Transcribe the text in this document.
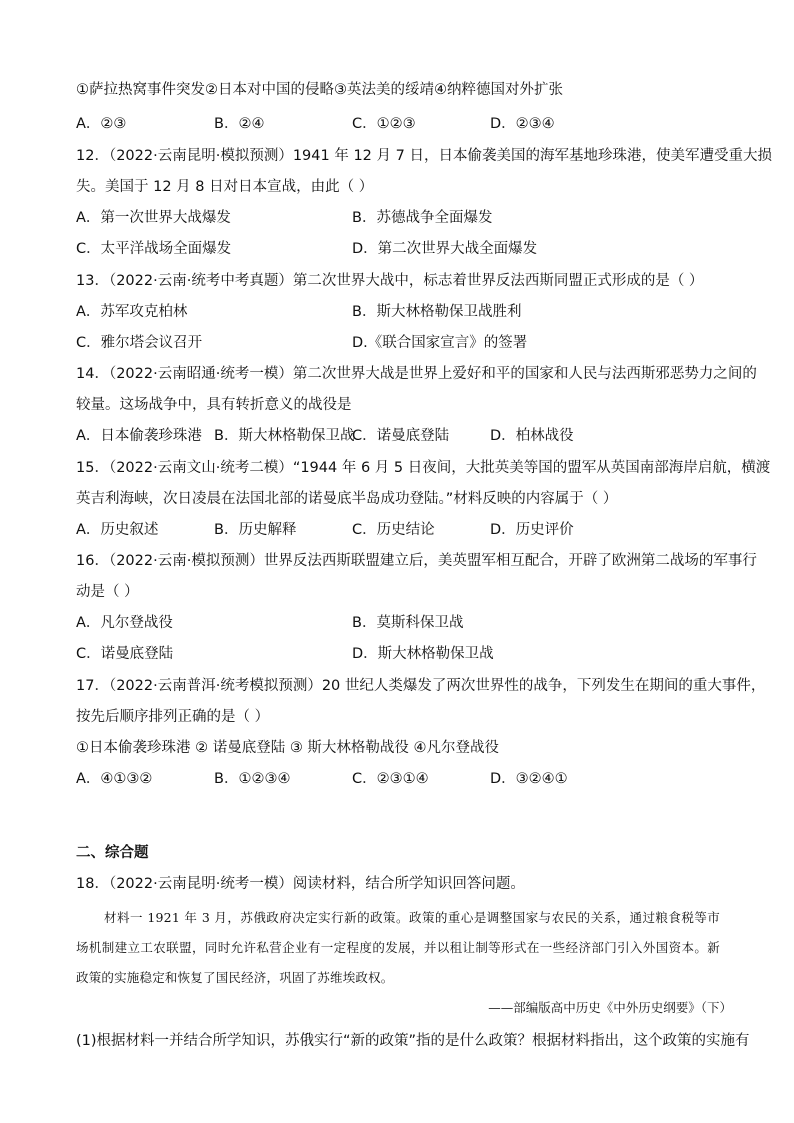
①萨拉热窝事件突发②日本对中国的侵略③英法美的绥靖④纳粹德国对外扩张
A．②③	B．②④	C．①②③	D．②③④
12．（2022·云南昆明·模拟预测）1941 年 12 月 7 日，日本偷袭美国的海军基地珍珠港，使美军遭受重大损
失。美国于 12 月 8 日对日本宣战，由此（ ）
A．第一次世界大战爆发	B．苏德战争全面爆发
C．太平洋战场全面爆发	D．第二次世界大战全面爆发
13．（2022·云南·统考中考真题）第二次世界大战中，标志着世界反法西斯同盟正式形成的是（ ）
A．苏军攻克柏林	B．斯大林格勒保卫战胜利
C．雅尔塔会议召开	D.《联合国家宣言》的签署
14．（2022·云南昭通·统考一模）第二次世界大战是世界上爱好和平的国家和人民与法西斯邪恶势力之间的
较量。这场战争中，具有转折意义的战役是
A．日本偷袭珍珠港 B．斯大林格勒保卫战
C．诺曼底登陆	D．柏林战役
15．（2022·云南文山·统考二模）“1944 年 6 月 5 日夜间，大批英美等国的盟军从英国南部海岸启航，横渡
英吉利海峡，次日凌晨在法国北部的诺曼底半岛成功登陆。”材料反映的内容属于（ ）
A．历史叙述	B．历史解释	C．历史结论	D．历史评价
16．（2022·云南·模拟预测）世界反法西斯联盟建立后，美英盟军相互配合，开辟了欧洲第二战场的军事行
动是（ ）
A．凡尔登战役	B．莫斯科保卫战
C．诺曼底登陆	D．斯大林格勒保卫战
17．（2022·云南普洱·统考模拟预测）20 世纪人类爆发了两次世界性的战争，下列发生在期间的重大事件，
按先后顺序排列正确的是（ ）
①日本偷袭珍珠港 ② 诺曼底登陆 ③ 斯大林格勒战役 ④凡尔登战役
A．④①③②	B．①②③④	C．②③①④	D．③②④①
二、综合题
18．（2022·云南昆明·统考一模）阅读材料，结合所学知识回答问题。
材料一 1921 年 3 月，苏俄政府决定实行新的政策。政策的重心是调整国家与农民的关系，通过粮食税等市场机制建立工农联盟，同时允许私营企业有一定程度的发展，并以租让制等形式在一些经济部门引入外国资本。新政策的实施稳定和恢复了国民经济，巩固了苏维埃政权。
——部编版高中历史《中外历史纲要》（下）
(1)根据材料一并结合所学知识，苏俄实行“新的政策”指的是什么政策？根据材料指出，这个政策的实施有
